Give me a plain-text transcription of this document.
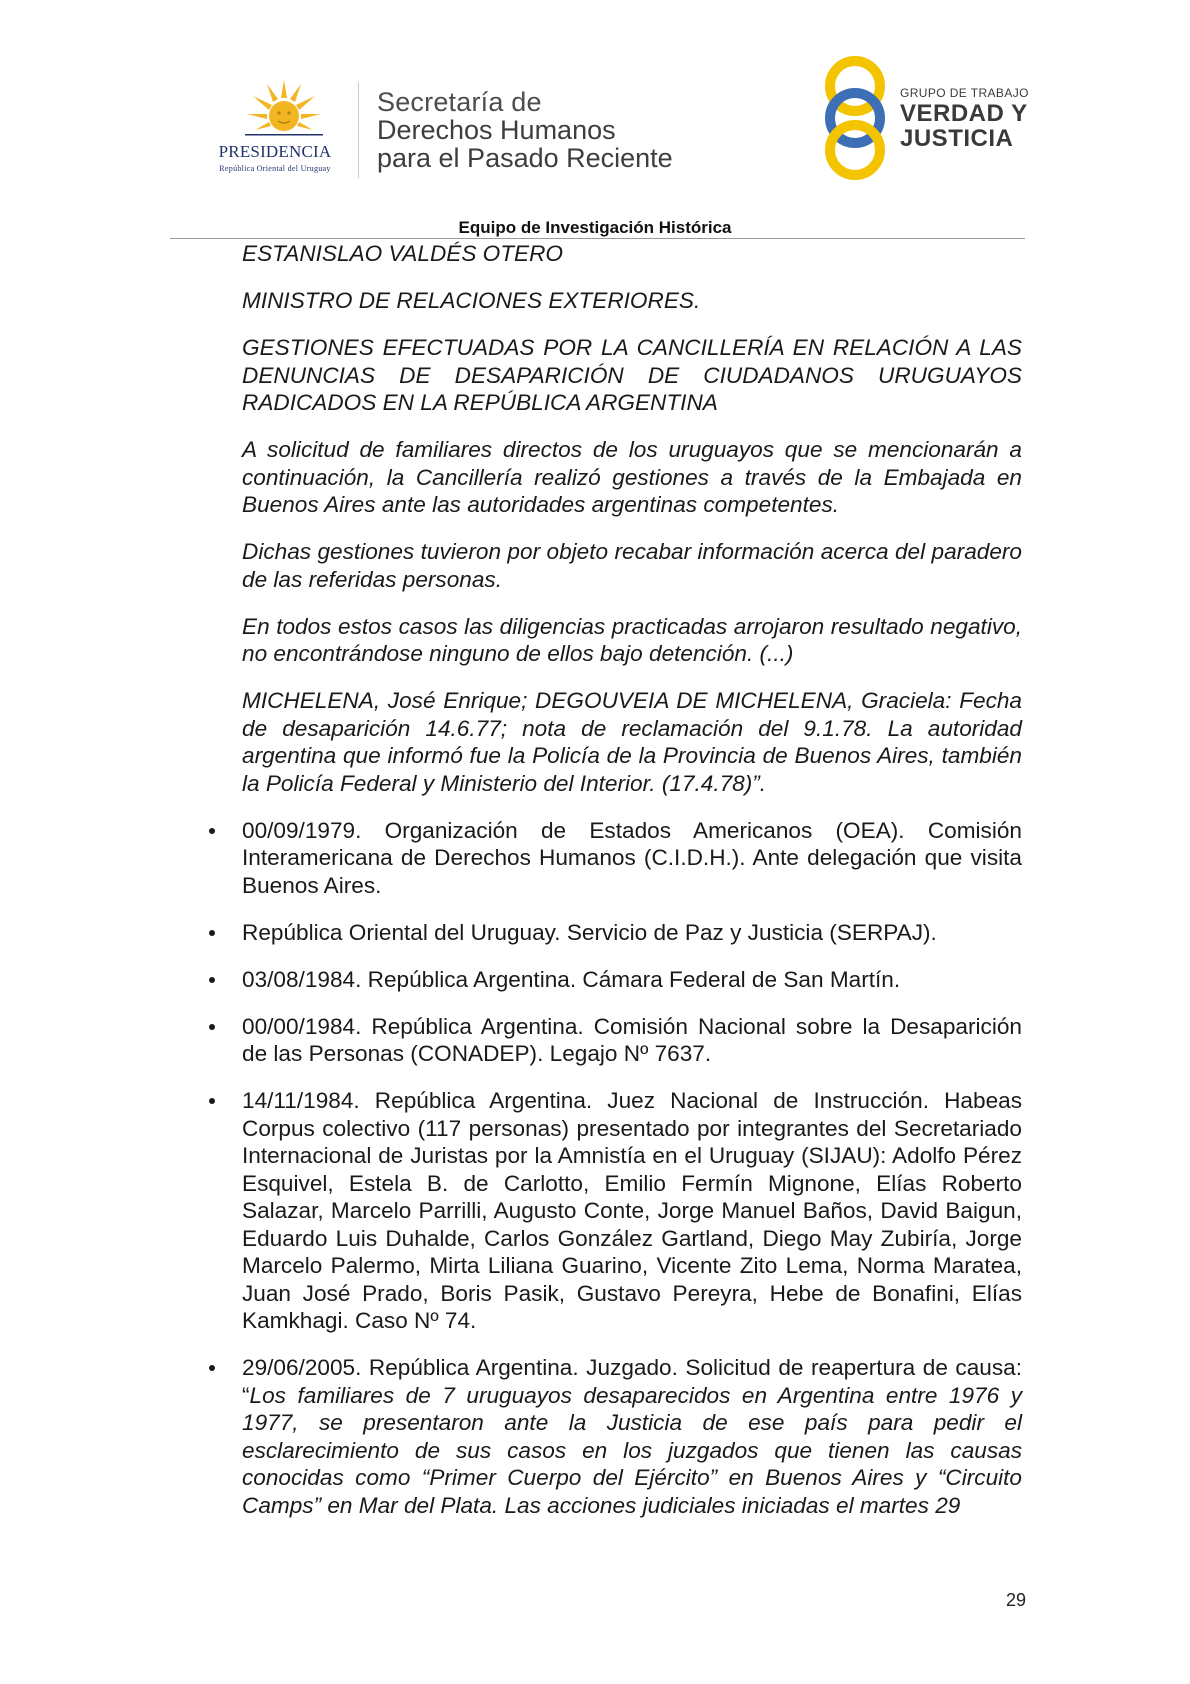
PRESIDENCIA
República Oriental del Uruguay
Secretaría de
Derechos Humanos
para el Pasado Reciente
GRUPO DE TRABAJO
VERDAD Y
JUSTICIA
Equipo de Investigación Histórica

ESTANISLAO VALDÉS OTERO

MINISTRO DE RELACIONES EXTERIORES.

GESTIONES EFECTUADAS POR LA CANCILLERÍA EN RELACIÓN A LAS DENUNCIAS DE DESAPARICIÓN DE CIUDADANOS URUGUAYOS RADICADOS EN LA REPÚBLICA ARGENTINA

A solicitud de familiares directos de los uruguayos que se mencionarán a continuación, la Cancillería realizó gestiones a través de la Embajada en Buenos Aires ante las autoridades argentinas competentes.

Dichas gestiones tuvieron por objeto recabar información acerca del paradero de las referidas personas.

En todos estos casos las diligencias practicadas arrojaron resultado negativo, no encontrándose ninguno de ellos bajo detención. (...)

MICHELENA, José Enrique; DEGOUVEIA DE MICHELENA, Graciela: Fecha de desaparición 14.6.77; nota de reclamación del 9.1.78. La autoridad argentina que informó fue la Policía de la Provincia de Buenos Aires, también la Policía Federal y Ministerio del Interior. (17.4.78)”.

00/09/1979. Organización de Estados Americanos (OEA). Comisión Interamericana de Derechos Humanos (C.I.D.H.). Ante delegación que visita Buenos Aires.
República Oriental del Uruguay. Servicio de Paz y Justicia (SERPAJ).
03/08/1984. República Argentina. Cámara Federal de San Martín.
00/00/1984. República Argentina. Comisión Nacional sobre la Desaparición de las Personas (CONADEP). Legajo Nº 7637.
14/11/1984. República Argentina. Juez Nacional de Instrucción. Habeas Corpus colectivo (117 personas) presentado por integrantes del Secretariado Internacional de Juristas por la Amnistía en el Uruguay (SIJAU): Adolfo Pérez Esquivel, Estela B. de Carlotto, Emilio Fermín Mignone, Elías Roberto Salazar, Marcelo Parrilli, Augusto Conte, Jorge Manuel Baños, David Baigun, Eduardo Luis Duhalde, Carlos González Gartland, Diego May Zubiría, Jorge Marcelo Palermo, Mirta Liliana Guarino, Vicente Zito Lema, Norma Maratea, Juan José Prado, Boris Pasik, Gustavo Pereyra, Hebe de Bonafini, Elías Kamkhagi. Caso Nº 74.
29/06/2005. República Argentina. Juzgado. Solicitud de reapertura de causa: “Los familiares de 7 uruguayos desaparecidos en Argentina entre 1976 y 1977, se presentaron ante la Justicia de ese país para pedir el esclarecimiento de sus casos en los juzgados que tienen las causas conocidas como “Primer Cuerpo del Ejército” en Buenos Aires y “Circuito Camps” en Mar del Plata. Las acciones judiciales iniciadas el martes 29
29
